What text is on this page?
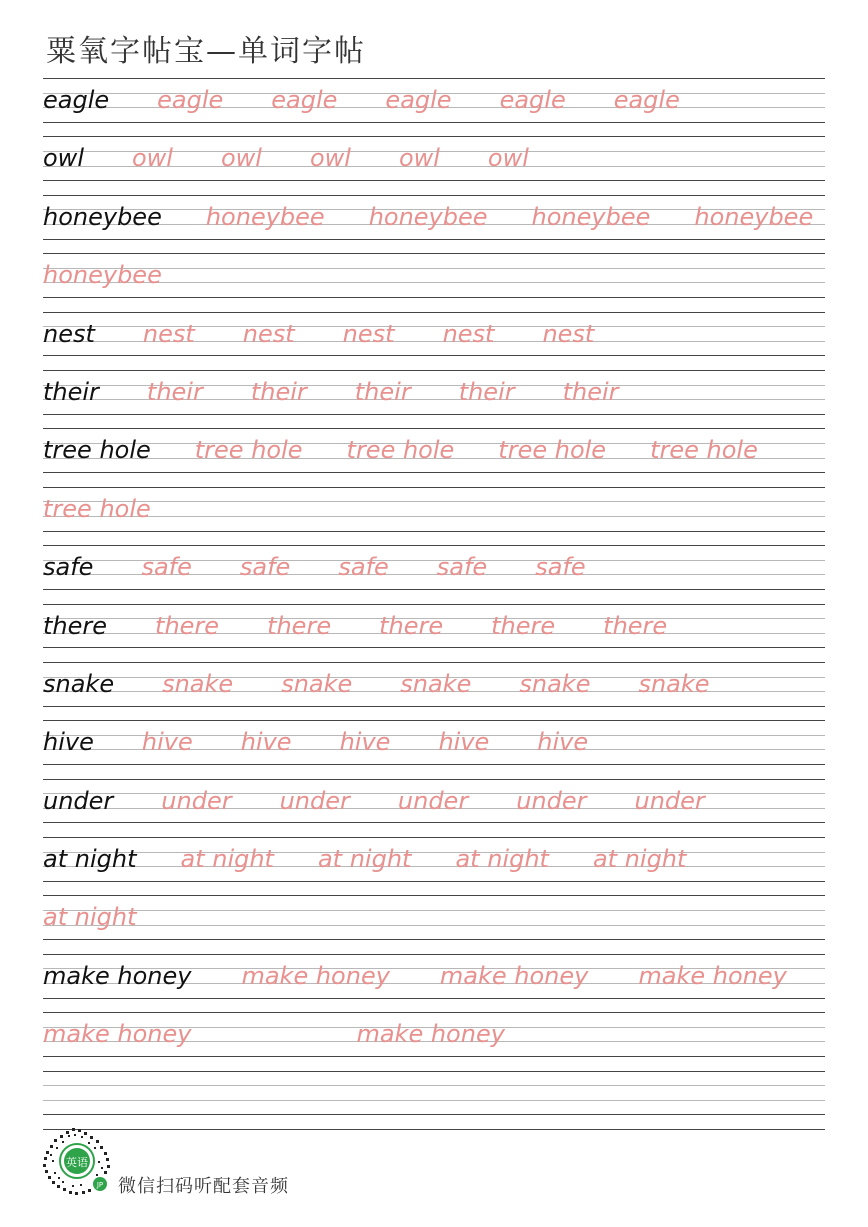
粟氧字帖宝—单词字帖
eagle eagle eagle eagle eagle eagle
owl owl owl owl owl owl
honeybee honeybee honeybee honeybee honeybee
honeybee
nest nest nest nest nest nest
their their their their their their
tree hole tree hole tree hole tree hole tree hole
tree hole
safe safe safe safe safe safe
there there there there there there
snake snake snake snake snake snake
hive hive hive hive hive hive
under under under under under under
at night at night at night at night at night
at night
make honey make honey make honey make honey
make honey	make honey
英语
JP 微信扫码听配套音频
